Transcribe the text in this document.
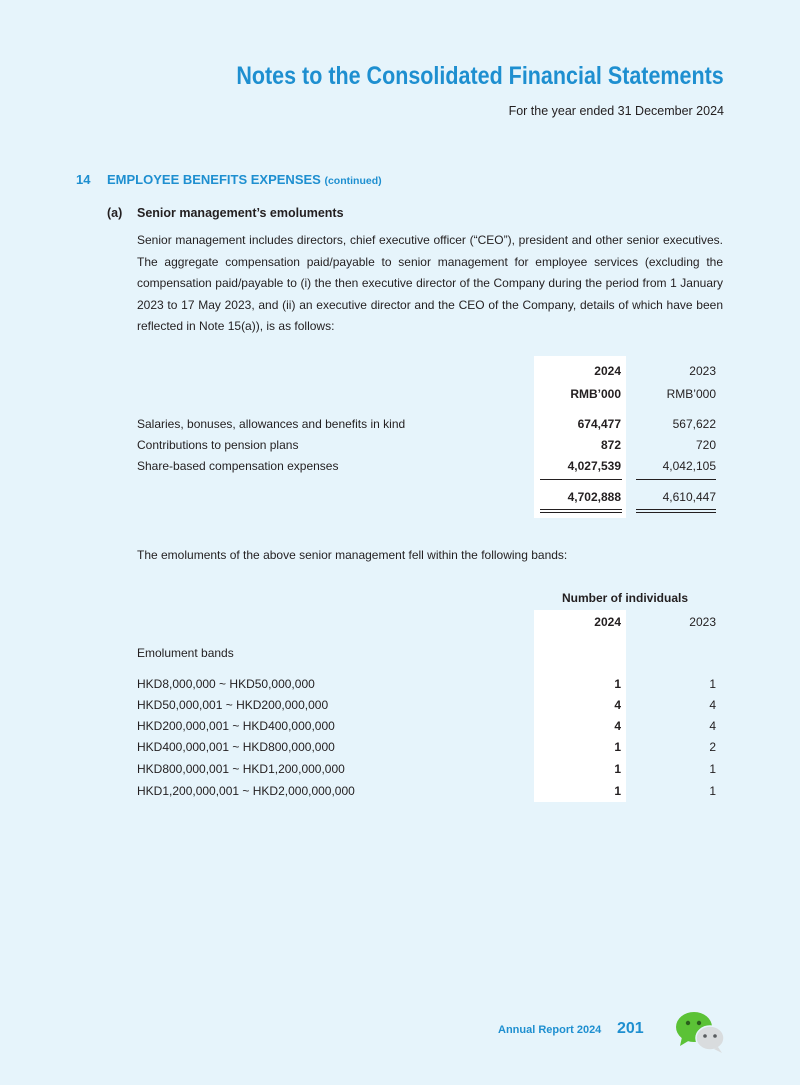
Notes to the Consolidated Financial Statements
For the year ended 31 December 2024
14 EMPLOYEE BENEFITS EXPENSES (continued)
(a) Senior management’s emoluments
Senior management includes directors, chief executive officer (“CEO”), president and other senior executives. The aggregate compensation paid/payable to senior management for employee services (excluding the compensation paid/payable to (i) the then executive director of the Company during the period from 1 January 2023 to 17 May 2023, and (ii) an executive director and the CEO of the Company, details of which have been reflected in Note 15(a)), is as follows:
2024	2023
RMB’000	RMB’000
Salaries, bonuses, allowances and benefits in kind	674,477	567,622
Contributions to pension plans	872	720
Share-based compensation expenses	4,027,539	4,042,105
4,702,888	4,610,447
The emoluments of the above senior management fell within the following bands:
Number of individuals
2024	2023
Emolument bands
HKD8,000,000 ~ HKD50,000,000	1	1
HKD50,000,001 ~ HKD200,000,000	4	4
HKD200,000,001 ~ HKD400,000,000	4	4
HKD400,000,001 ~ HKD800,000,000	1	2
HKD800,000,001 ~ HKD1,200,000,000	1	1
HKD1,200,000,001 ~ HKD2,000,000,000	1	1
Annual Report 2024 201
